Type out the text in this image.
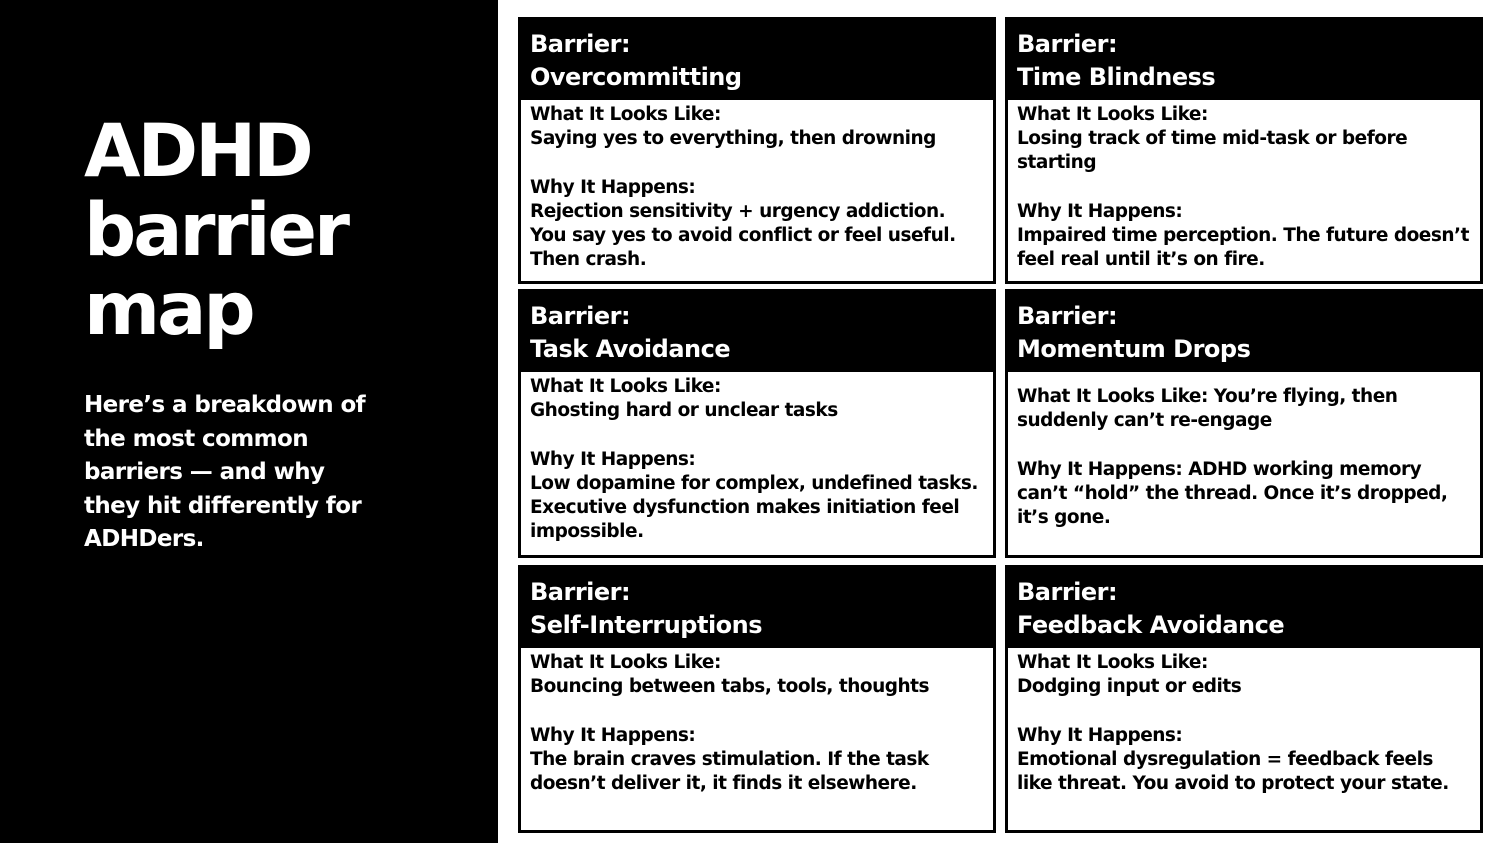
ADHD
barrier
map

Here’s a breakdown of the most common barriers — and why they hit differently for ADHDers.

Barrier:
Overcommitting

What It Looks Like:

Saying yes to everything, then drowning

Why It Happens:

Rejection sensitivity + urgency addiction. You say yes to avoid conflict or feel useful.
Then crash.

Barrier:
Time Blindness

What It Looks Like:

Losing track of time mid-task or before starting

Why It Happens:

Impaired time perception. The future doesn’t feel real until it’s on fire.

Barrier:
Task Avoidance

What It Looks Like:

Ghosting hard or unclear tasks

Why It Happens:

Low dopamine for complex, undefined tasks. Executive dysfunction makes initiation feel impossible.

Barrier:
Momentum Drops

What It Looks Like: You’re flying, then suddenly can’t re-engage

Why It Happens: ADHD working memory can’t “hold” the thread. Once it’s dropped, it’s gone.

Barrier:
Self-Interruptions

What It Looks Like:

Bouncing between tabs, tools, thoughts

Why It Happens:

The brain craves stimulation. If the task doesn’t deliver it, it finds it elsewhere.

Barrier:
Feedback Avoidance

What It Looks Like:

Dodging input or edits

Why It Happens:

Emotional dysregulation = feedback feels like threat. You avoid to protect your state.
